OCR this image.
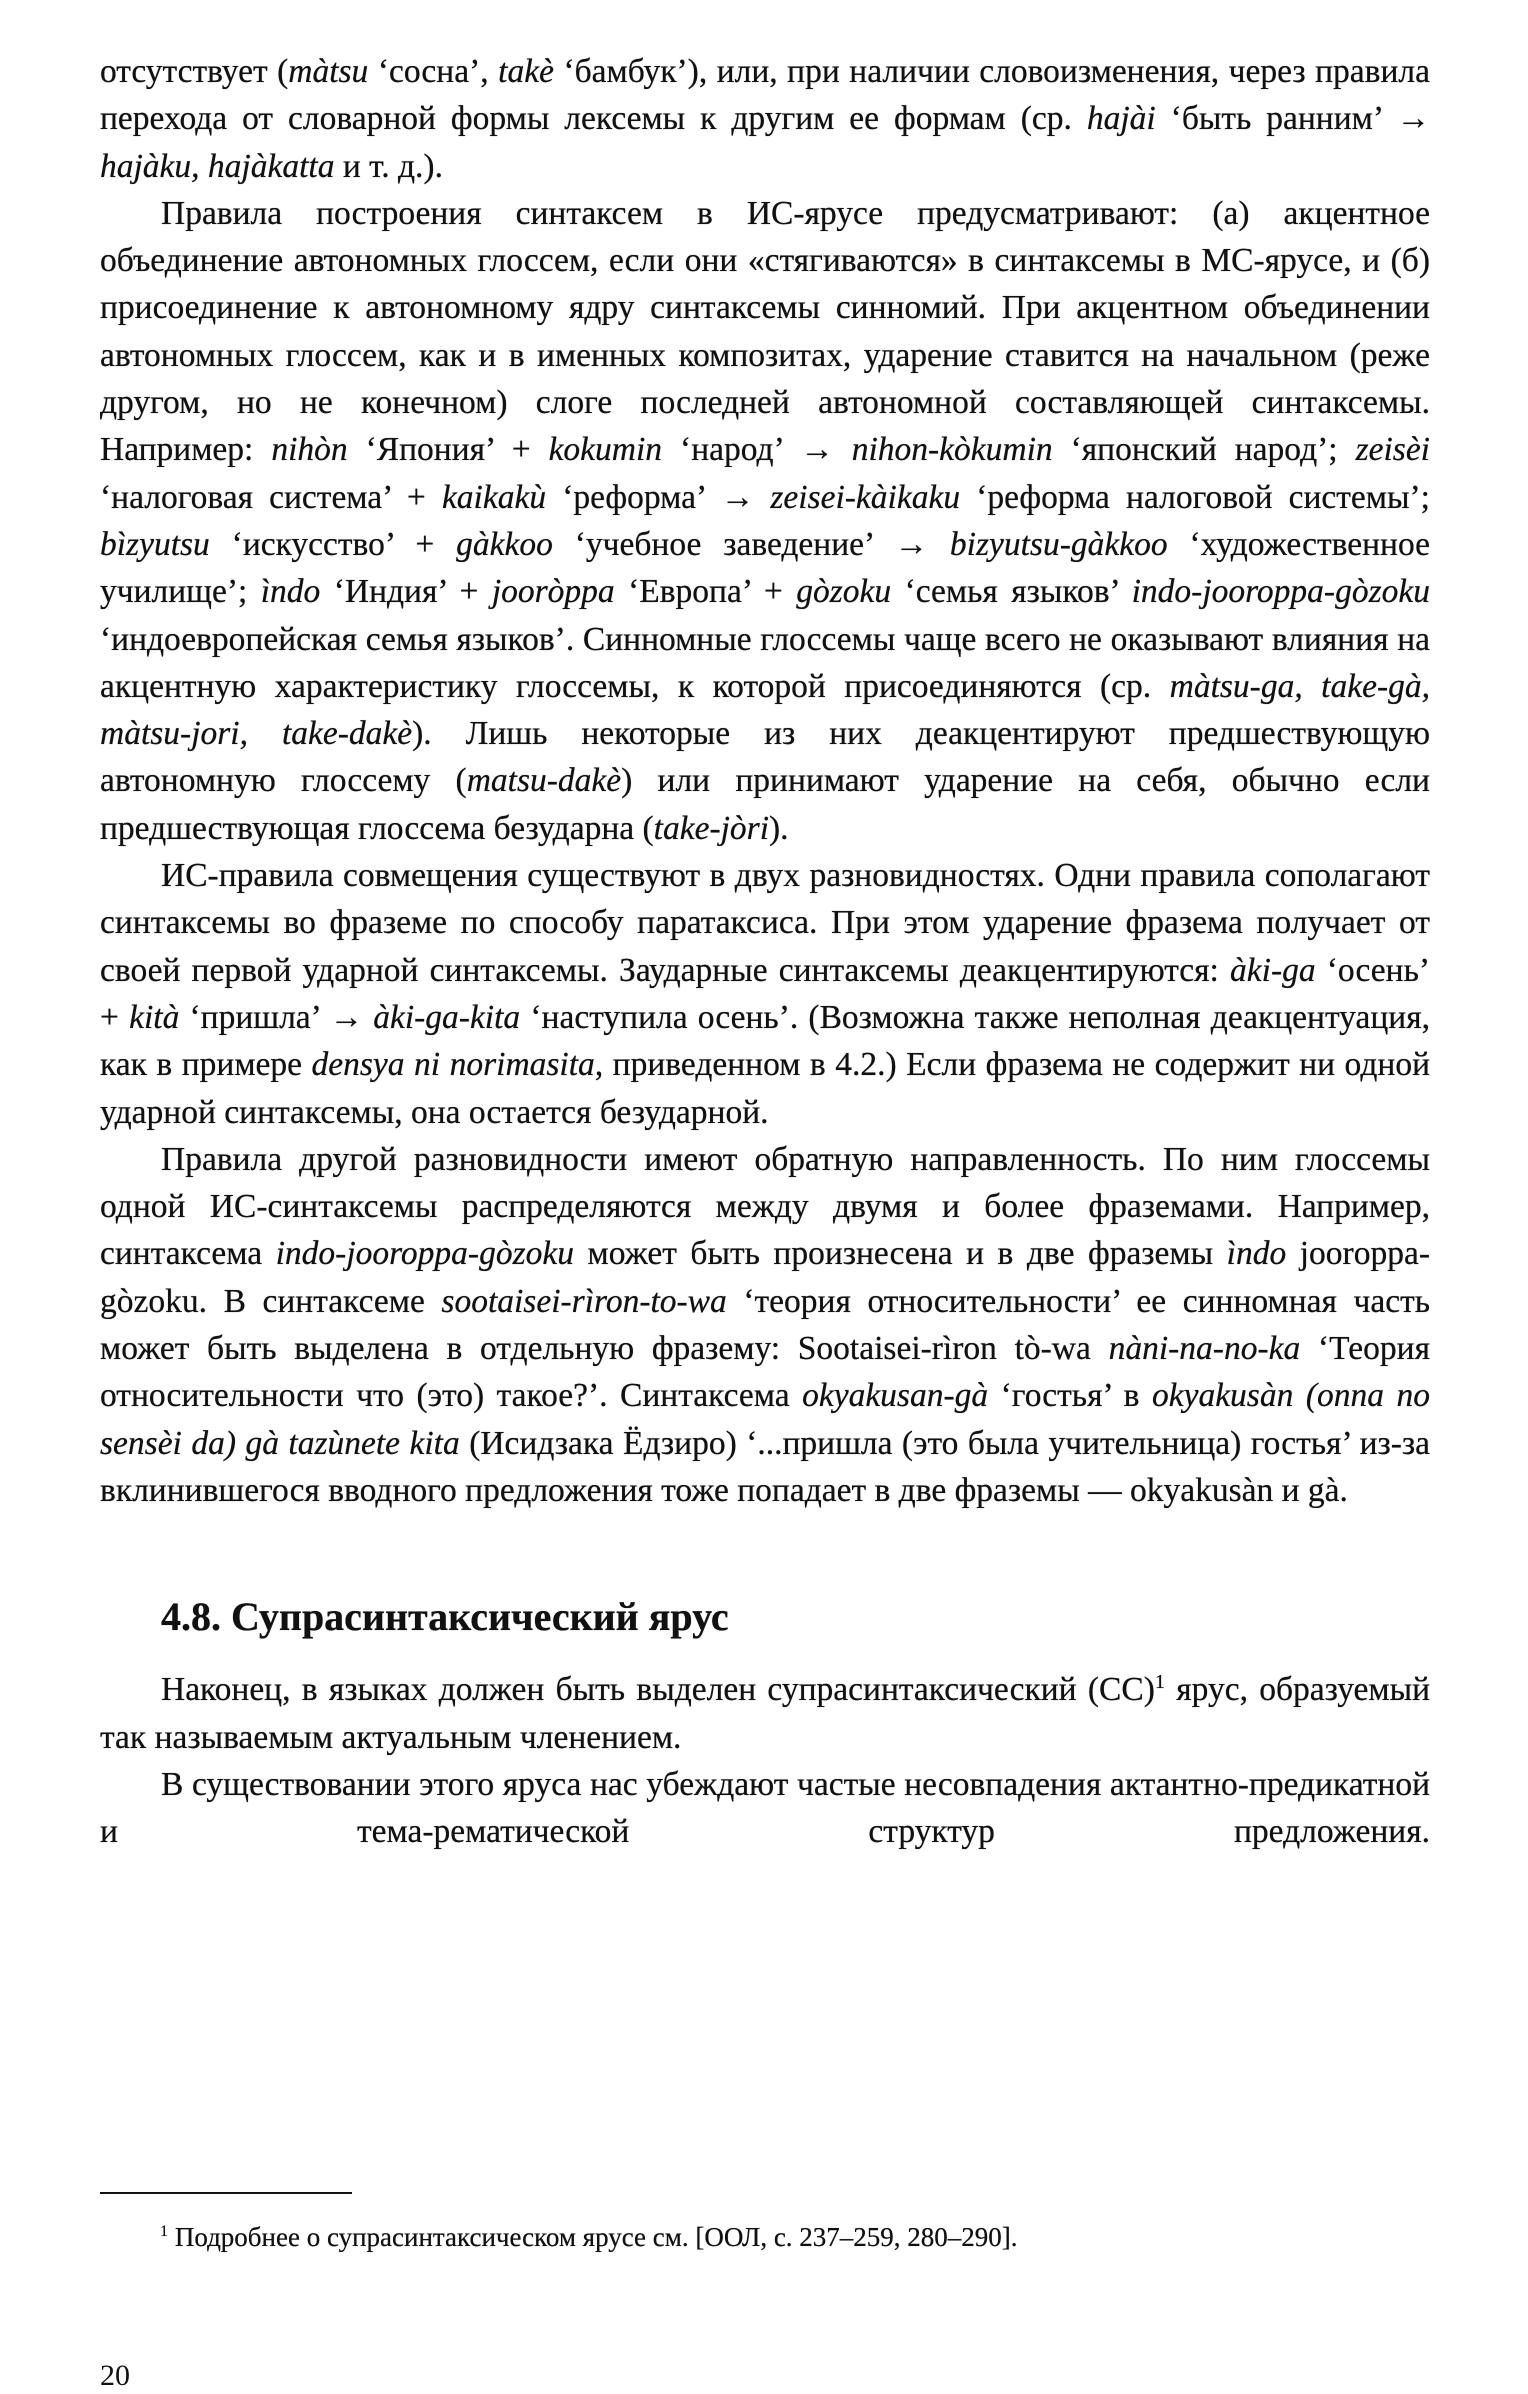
отсутствует (màtsu ‘сосна’, takè ‘бамбук’), или, при наличии словоизменения, через правила перехода от словарной формы лексемы к другим ее формам (ср. hajài ‘быть ранним’ → hajàku, hajàkatta и т. д.).

Правила построения синтаксем в ИС-ярусе предусматривают: (а) акцентное объединение автономных глоссем, если они «стягиваются» в синтаксемы в МС-ярусе, и (б) присоединение к автономному ядру синтаксемы синномий. При акцентном объединении автономных глоссем, как и в именных композитах, ударение ставится на начальном (реже другом, но не конечном) слоге последней автономной составляющей синтаксемы. Например: nihòn ‘Япония’ + kokumin ‘народ’ → nihon-kòkumin ‘японский народ’; zeisèi ‘налоговая система’ + kaikakù ‘реформа’ → zeisei-kàikaku ‘реформа налоговой системы’; bìzyutsu ‘искусство’ + gàkkoo ‘учебное заведение’ → bizyutsu-gàkkoo ‘художественное училище’; ìndo ‘Индия’ + jooròppa ‘Европа’ + gòzoku ‘семья языков’ indo-jooroppa-gòzoku ‘индоевропейская семья языков’. Синномные глоссемы чаще всего не оказывают влияния на акцентную характеристику глоссемы, к которой присоединяются (ср. màtsu-ga, take-gà, màtsu-jori, take-dakè). Лишь некоторые из них деакцентируют предшествующую автономную глоссему (matsu-dakè) или принимают ударение на себя, обычно если предшествующая глоссема безударна (take-jòri).

ИС-правила совмещения существуют в двух разновидностях. Одни правила сополагают синтаксемы во фраземе по способу паратаксиса. При этом ударение фразема получает от своей первой ударной синтаксемы. Заударные синтаксемы деакцентируются: àki-ga ‘осень’ + kità ‘пришла’ → àki-ga-kita ‘наступила осень’. (Возможна также неполная деакцентуация, как в примере densya ni norimasita, приведенном в 4.2.) Если фразема не содержит ни одной ударной синтаксемы, она остается безударной.

Правила другой разновидности имеют обратную направленность. По ним глоссемы одной ИС-синтаксемы распределяются между двумя и более фраземами. Например, синтаксема indo-jooroppa-gòzoku может быть произнесена и в две фраземы ìndo jooroppa-gòzoku. В синтаксеме sootaisei-rìron-to-wa ‘теория относительности’ ее синномная часть может быть выделена в отдельную фразему: Sootaisei-rìron tò-wa nàni-na-no-ka ‘Теория относительности что (это) такое?’. Синтаксема okyakusan-gà ‘гостья’ в okyakusàn (onna no sensèi da) gà tazùnete kita (Исидзака Ёдзиро) ‘...пришла (это была учительница) гостья’ из-за вклинившегося вводного предложения тоже попадает в две фраземы — okyakusàn и gà.

4.8. Супрасинтаксический ярус

Наконец, в языках должен быть выделен супрасинтаксический (СС)$^1$ ярус, образуемый так называемым актуальным членением.

В существовании этого яруса нас убеждают частые несовпадения актантно-предикатной и тема-рематической структур предложения.

$^1$ Подробнее о супрасинтаксическом ярусе см. [ООЛ, с. 237–259, 280–290].
20
